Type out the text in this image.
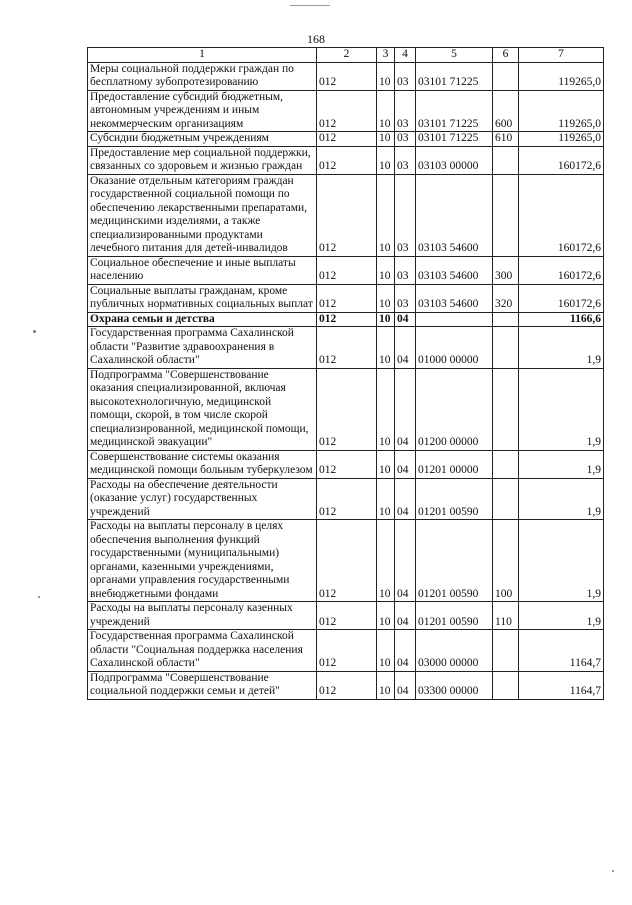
168
1	2	3	4	5	6	7
Меры социальной поддержки граждан по бесплатному зубопротезированию	012	10	03	03101 71225		119265,0
Предоставление субсидий бюджетным, автономным учреждениям и иным некоммерческим организациям	012	10	03	03101 71225	600	119265,0
Субсидии бюджетным учреждениям	012	10	03	03101 71225	610	119265,0
Предоставление мер социальной поддержки, связанных со здоровьем и жизнью граждан	012	10	03	03103 00000		160172,6
Оказание отдельным категориям граждан государственной социальной помощи по обеспечению лекарственными препаратами, медицинскими изделиями, а также специализированными продуктами лечебного питания для детей-инвалидов	012	10	03	03103 54600		160172,6
Социальное обеспечение и иные выплаты населению	012	10	03	03103 54600	300	160172,6
Социальные выплаты гражданам, кроме публичных нормативных социальных выплат	012	10	03	03103 54600	320	160172,6
Охрана семьи и детства	012	10	04			1166,6
Государственная программа Сахалинской области "Развитие здравоохранения в Сахалинской области"	012	10	04	01000 00000		1,9
Подпрограмма "Совершенствование оказания специализированной, включая высокотехнологичную, медицинской помощи, скорой, в том числе скорой специализированной, медицинской помощи, медицинской эвакуации"	012	10	04	01200 00000		1,9
Совершенствование системы оказания медицинской помощи больным туберкулезом	012	10	04	01201 00000		1,9
Расходы на обеспечение деятельности (оказание услуг) государственных учреждений	012	10	04	01201 00590		1,9
Расходы на выплаты персоналу в целях обеспечения выполнения функций государственными (муниципальными) органами, казенными учреждениями, органами управления государственными внебюджетными фондами	012	10	04	01201 00590	100	1,9
Расходы на выплаты персоналу казенных учреждений	012	10	04	01201 00590	110	1,9
Государственная программа Сахалинской области "Социальная поддержка населения Сахалинской области"	012	10	04	03000 00000		1164,7
Подпрограмма "Совершенствование социальной поддержки семьи и детей"	012	10	04	03300 00000		1164,7
